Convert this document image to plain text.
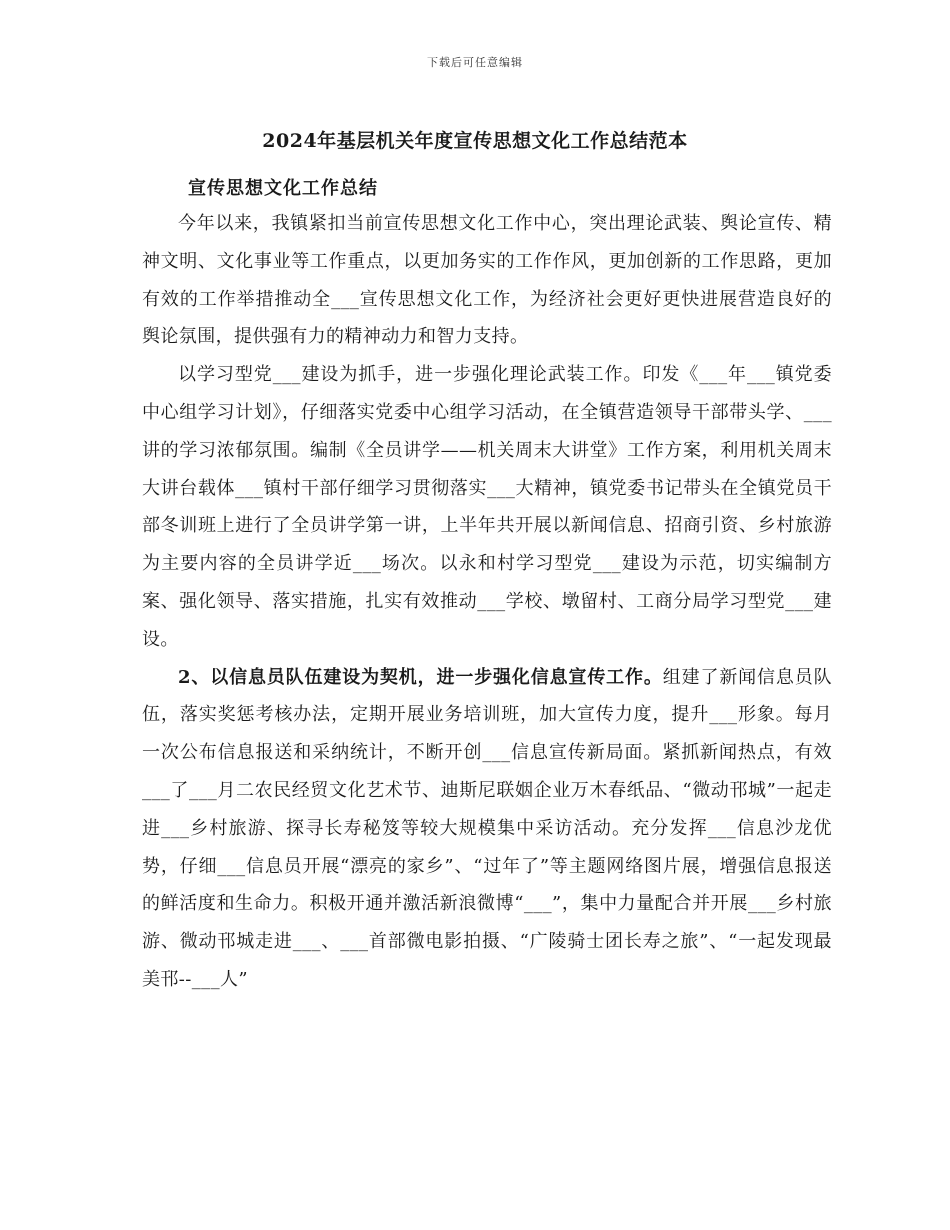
下载后可任意编辑
2024年基层机关年度宣传思想文化工作总结范本
宣传思想文化工作总结

今年以来，我镇紧扣当前宣传思想文化工作中心，突出理论武装、舆论宣传、精神文明、文化事业等工作重点，以更加务实的工作作风，更加创新的工作思路，更加有效的工作举措推动全___宣传思想文化工作，为经济社会更好更快进展营造良好的舆论氛围，提供强有力的精神动力和智力支持。

以学习型党___建设为抓手，进一步强化理论武装工作。印发《___年___镇党委中心组学习计划》，仔细落实党委中心组学习活动，在全镇营造领导干部带头学、___讲的学习浓郁氛围。编制《全员讲学——机关周末大讲堂》工作方案，利用机关周末大讲台载体___镇村干部仔细学习贯彻落实___大精神，镇党委书记带头在全镇党员干部冬训班上进行了全员讲学第一讲，上半年共开展以新闻信息、招商引资、乡村旅游为主要内容的全员讲学近___场次。以永和村学习型党___建设为示范，切实编制方案、强化领导、落实措施，扎实有效推动___学校、墩留村、工商分局学习型党___建设。

2、以信息员队伍建设为契机，进一步强化信息宣传工作。组建了新闻信息员队伍，落实奖惩考核办法，定期开展业务培训班，加大宣传力度，提升___形象。每月一次公布信息报送和采纳统计，不断开创___信息宣传新局面。紧抓新闻热点，有效___了___月二农民经贸文化艺术节、迪斯尼联姻企业万木春纸品、“微动邗城”一起走进___乡村旅游、探寻长寿秘笈等较大规模集中采访活动。充分发挥___信息沙龙优势，仔细___信息员开展“漂亮的家乡”、“过年了”等主题网络图片展，增强信息报送的鲜活度和生命力。积极开通并激活新浪微博“___”，集中力量配合并开展___乡村旅游、微动邗城走进___、___首部微电影拍摄、“广陵骑士团长寿之旅”、“一起发现最美邗--___人”
